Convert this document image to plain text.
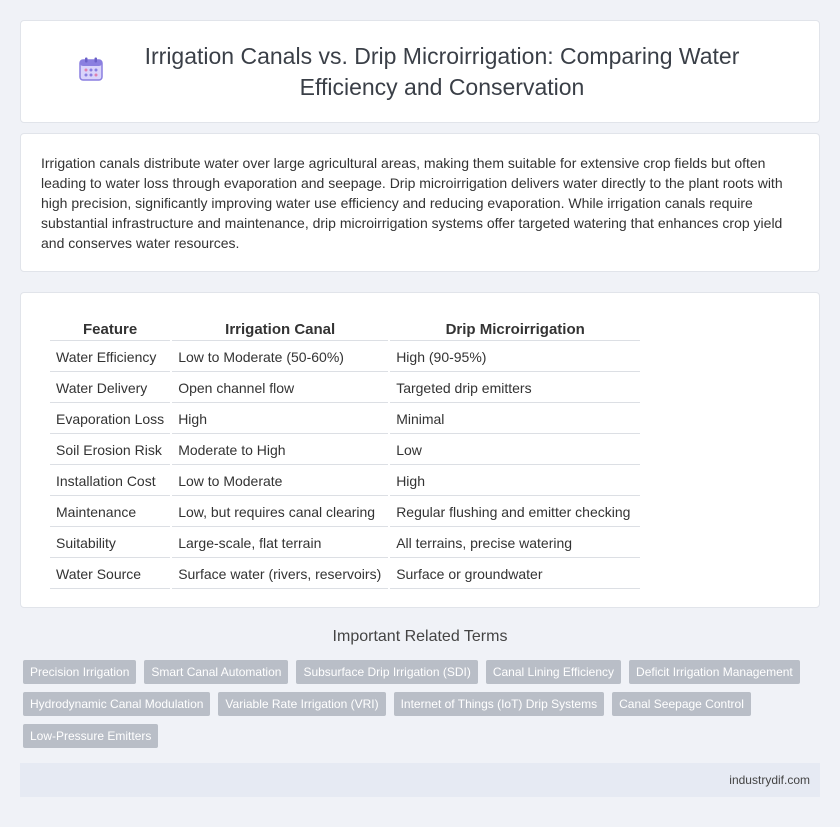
Irrigation Canals vs. Drip Microirrigation: Comparing Water Efficiency and Conservation

Irrigation canals distribute water over large agricultural areas, making them suitable for extensive crop fields but often leading to water loss through evaporation and seepage. Drip microirrigation delivers water directly to the plant roots with high precision, significantly improving water use efficiency and reducing evaporation. While irrigation canals require substantial infrastructure and maintenance, drip microirrigation systems offer targeted watering that enhances crop yield and conserves water resources.

Feature	Irrigation Canal	Drip Microirrigation
Water Efficiency	Low to Moderate (50-60%)	High (90-95%)
Water Delivery	Open channel flow	Targeted drip emitters
Evaporation Loss	High	Minimal
Soil Erosion Risk	Moderate to High	Low
Installation Cost	Low to Moderate	High
Maintenance	Low, but requires canal clearing	Regular flushing and emitter checking
Suitability	Large-scale, flat terrain	All terrains, precise watering
Water Source	Surface water (rivers, reservoirs)	Surface or groundwater
Important Related Terms
Precision Irrigation	Smart Canal Automation	Subsurface Drip Irrigation (SDI)	Canal Lining Efficiency	Deficit Irrigation Management
Hydrodynamic Canal Modulation	Variable Rate Irrigation (VRI)	Internet of Things (IoT) Drip Systems	Canal Seepage Control
Low-Pressure Emitters
industrydif.com
